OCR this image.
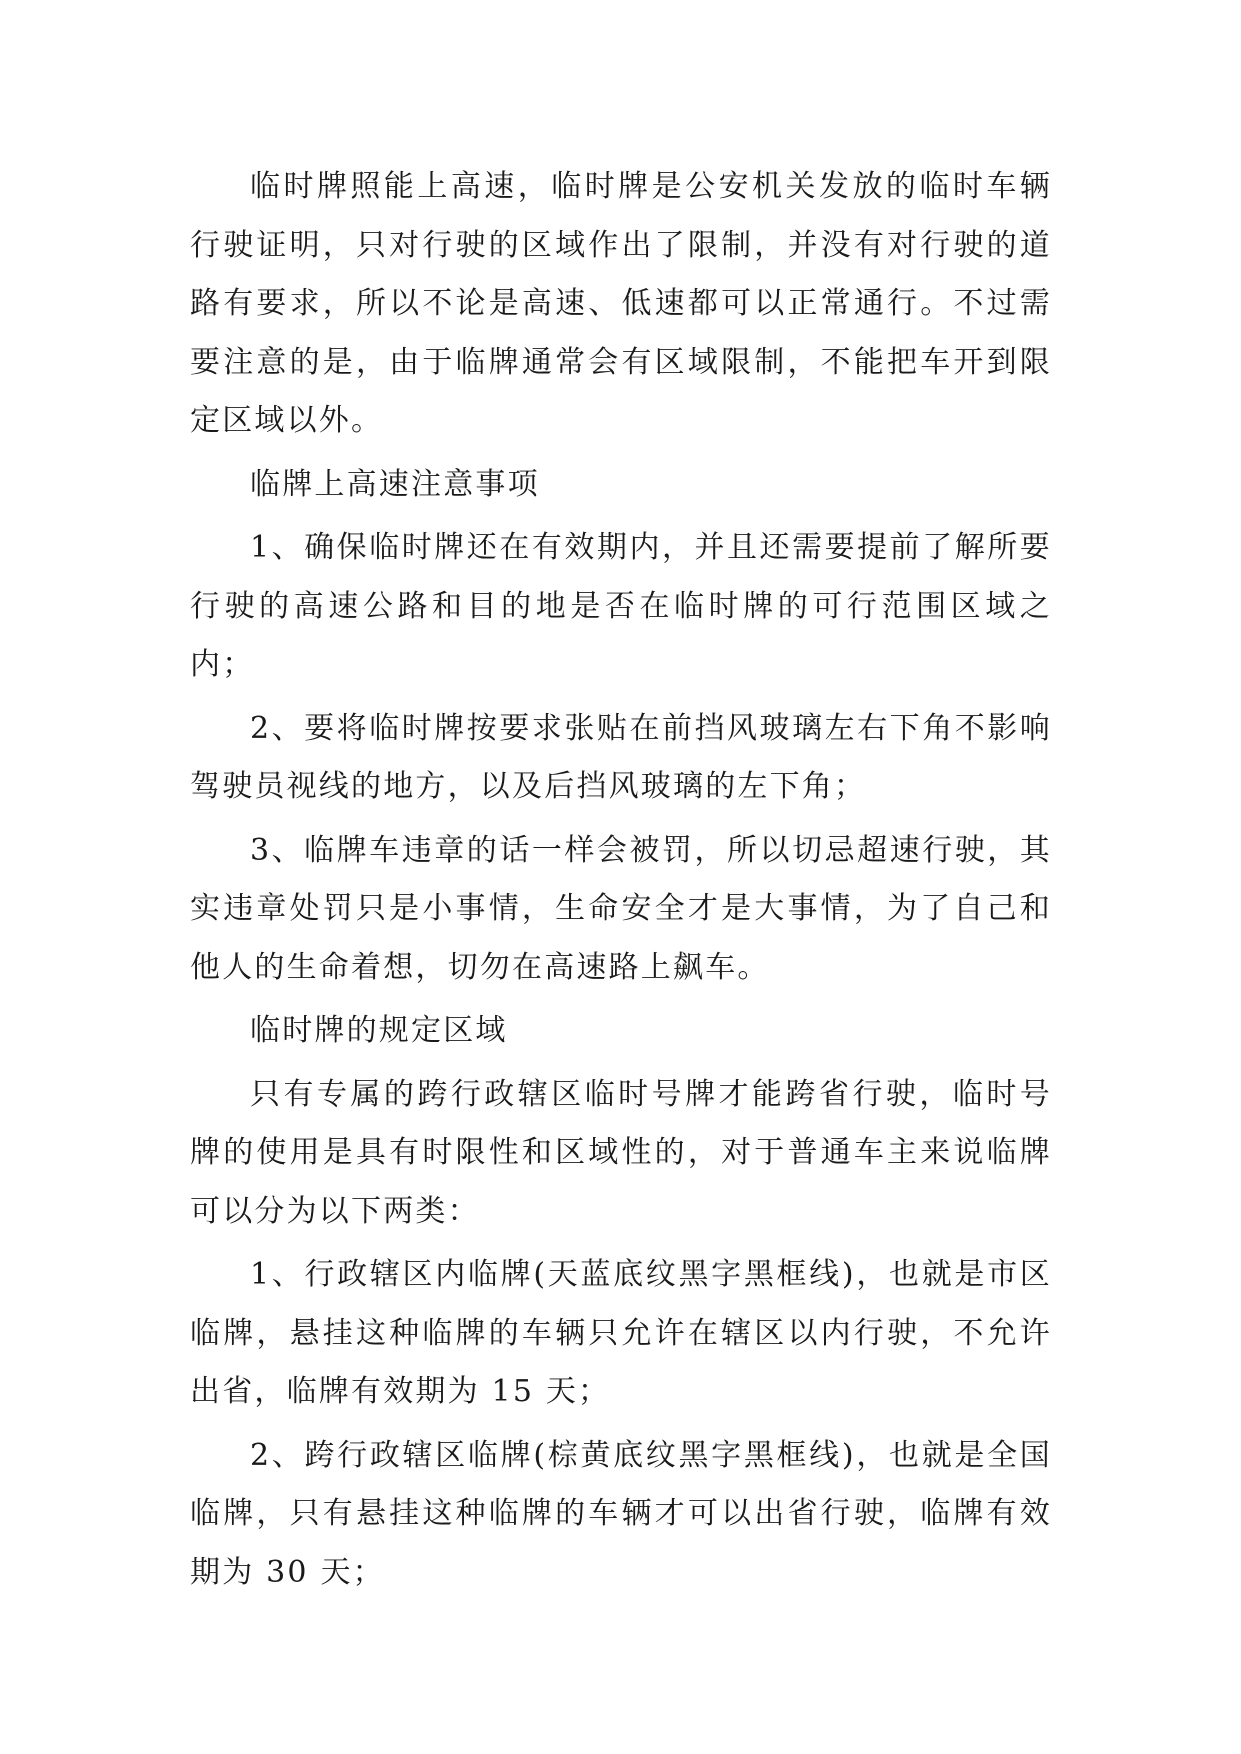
临时牌照能上高速，临时牌是公安机关发放的临时车辆行驶证明，只对行驶的区域作出了限制，并没有对行驶的道路有要求，所以不论是高速、低速都可以正常通行。不过需要注意的是，由于临牌通常会有区域限制，不能把车开到限定区域以外。

临牌上高速注意事项

1、确保临时牌还在有效期内，并且还需要提前了解所要行驶的高速公路和目的地是否在临时牌的可行范围区域之内；

2、要将临时牌按要求张贴在前挡风玻璃左右下角不影响驾驶员视线的地方，以及后挡风玻璃的左下角；

3、临牌车违章的话一样会被罚，所以切忌超速行驶，其实违章处罚只是小事情，生命安全才是大事情，为了自己和他人的生命着想，切勿在高速路上飙车。

临时牌的规定区域

只有专属的跨行政辖区临时号牌才能跨省行驶，临时号牌的使用是具有时限性和区域性的，对于普通车主来说临牌可以分为以下两类：

1、行政辖区内临牌(天蓝底纹黑字黑框线)，也就是市区临牌，悬挂这种临牌的车辆只允许在辖区以内行驶，不允许出省，临牌有效期为 15 天；

2、跨行政辖区临牌(棕黄底纹黑字黑框线)，也就是全国临牌，只有悬挂这种临牌的车辆才可以出省行驶，临牌有效期为 30 天；
